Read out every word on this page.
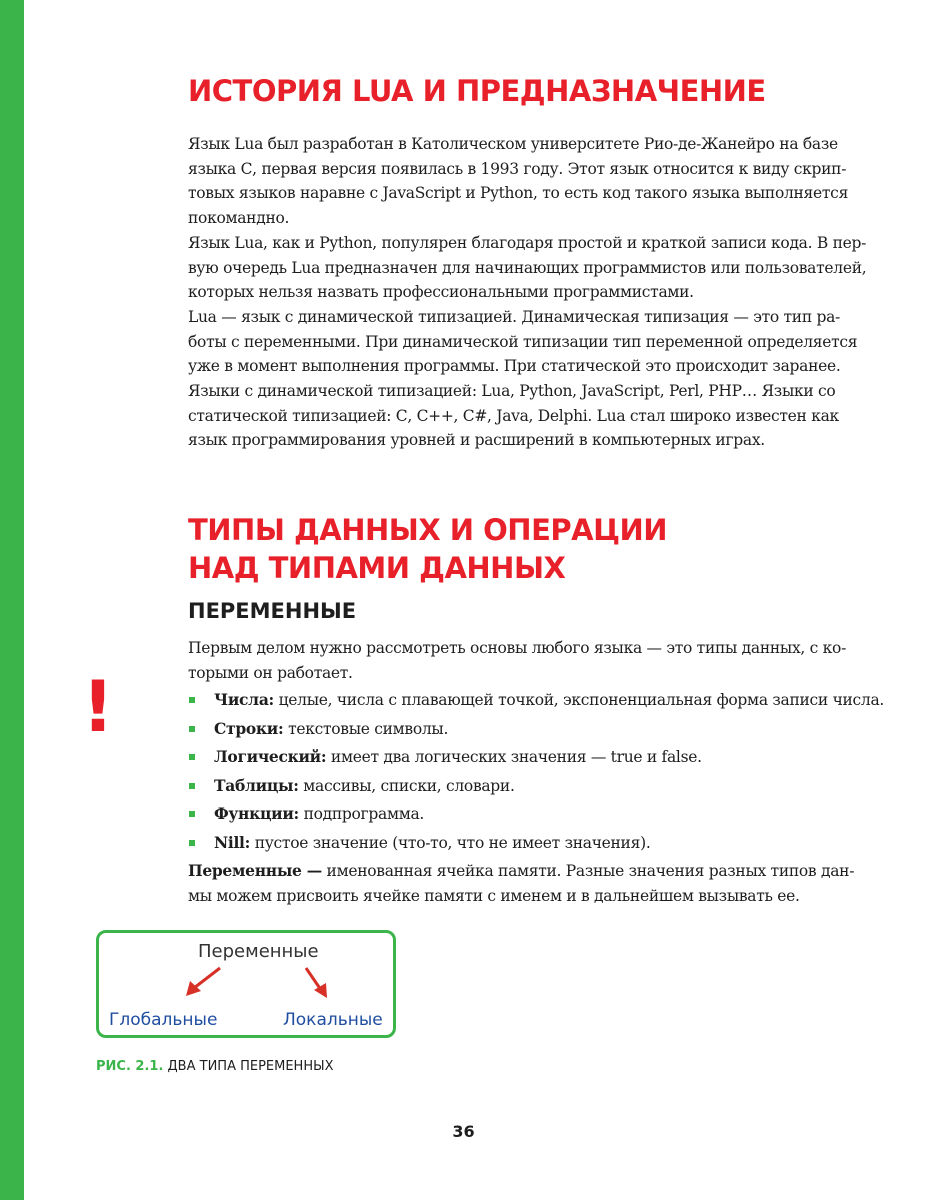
ИСТОРИЯ LUA И ПРЕДНАЗНАЧЕНИЕ
Язык Lua был разработан в Католическом университете Рио-де-Жанейро на базе
языка С, первая версия появилась в 1993 году. Этот язык относится к виду скрип-
товых языков наравне с JavaScript и Python, то есть код такого языка выполняется
покомандно.
Язык Lua, как и Python, популярен благодаря простой и краткой записи кода. В пер-
вую очередь Lua предназначен для начинающих программистов или пользователей,
которых нельзя назвать профессиональными программистами.
Lua — язык с динамической типизацией. Динамическая типизация — это тип ра-
боты с переменными. При динамической типизации тип переменной определяется
уже в момент выполнения программы. При статической это происходит заранее.
Языки с динамической типизацией: Lua, Python, JavaScript, Perl, PHP… Языки со
статической типизацией: С, С++, С#, Java, Delphi. Lua стал широко известен как
язык программирования уровней и расширений в компьютерных играх.
ТИПЫ ДАННЫХ И ОПЕРАЦИИ
НАД ТИПАМИ ДАННЫХ
ПЕРЕМЕННЫЕ
!
Первым делом нужно рассмотреть основы любого языка — это типы данных, с ко-
торыми он работает.
Числа: целые, числа с плавающей точкой, экспоненциальная форма записи числа.
Строки: текстовые символы.
Логический: имеет два логических значения — true и false.
Таблицы: массивы, списки, словари.
Функции: подпрограмма.
Nill: пустое значение (что-то, что не имеет значения).
Переменные — именованная ячейка памяти. Разные значения разных типов дан-
мы можем присвоить ячейке памяти с именем и в дальнейшем вызывать ее.
Переменные
Глобальные	Локальные
РИС. 2.1. ДВА ТИПА ПЕРЕМЕННЫХ
36
